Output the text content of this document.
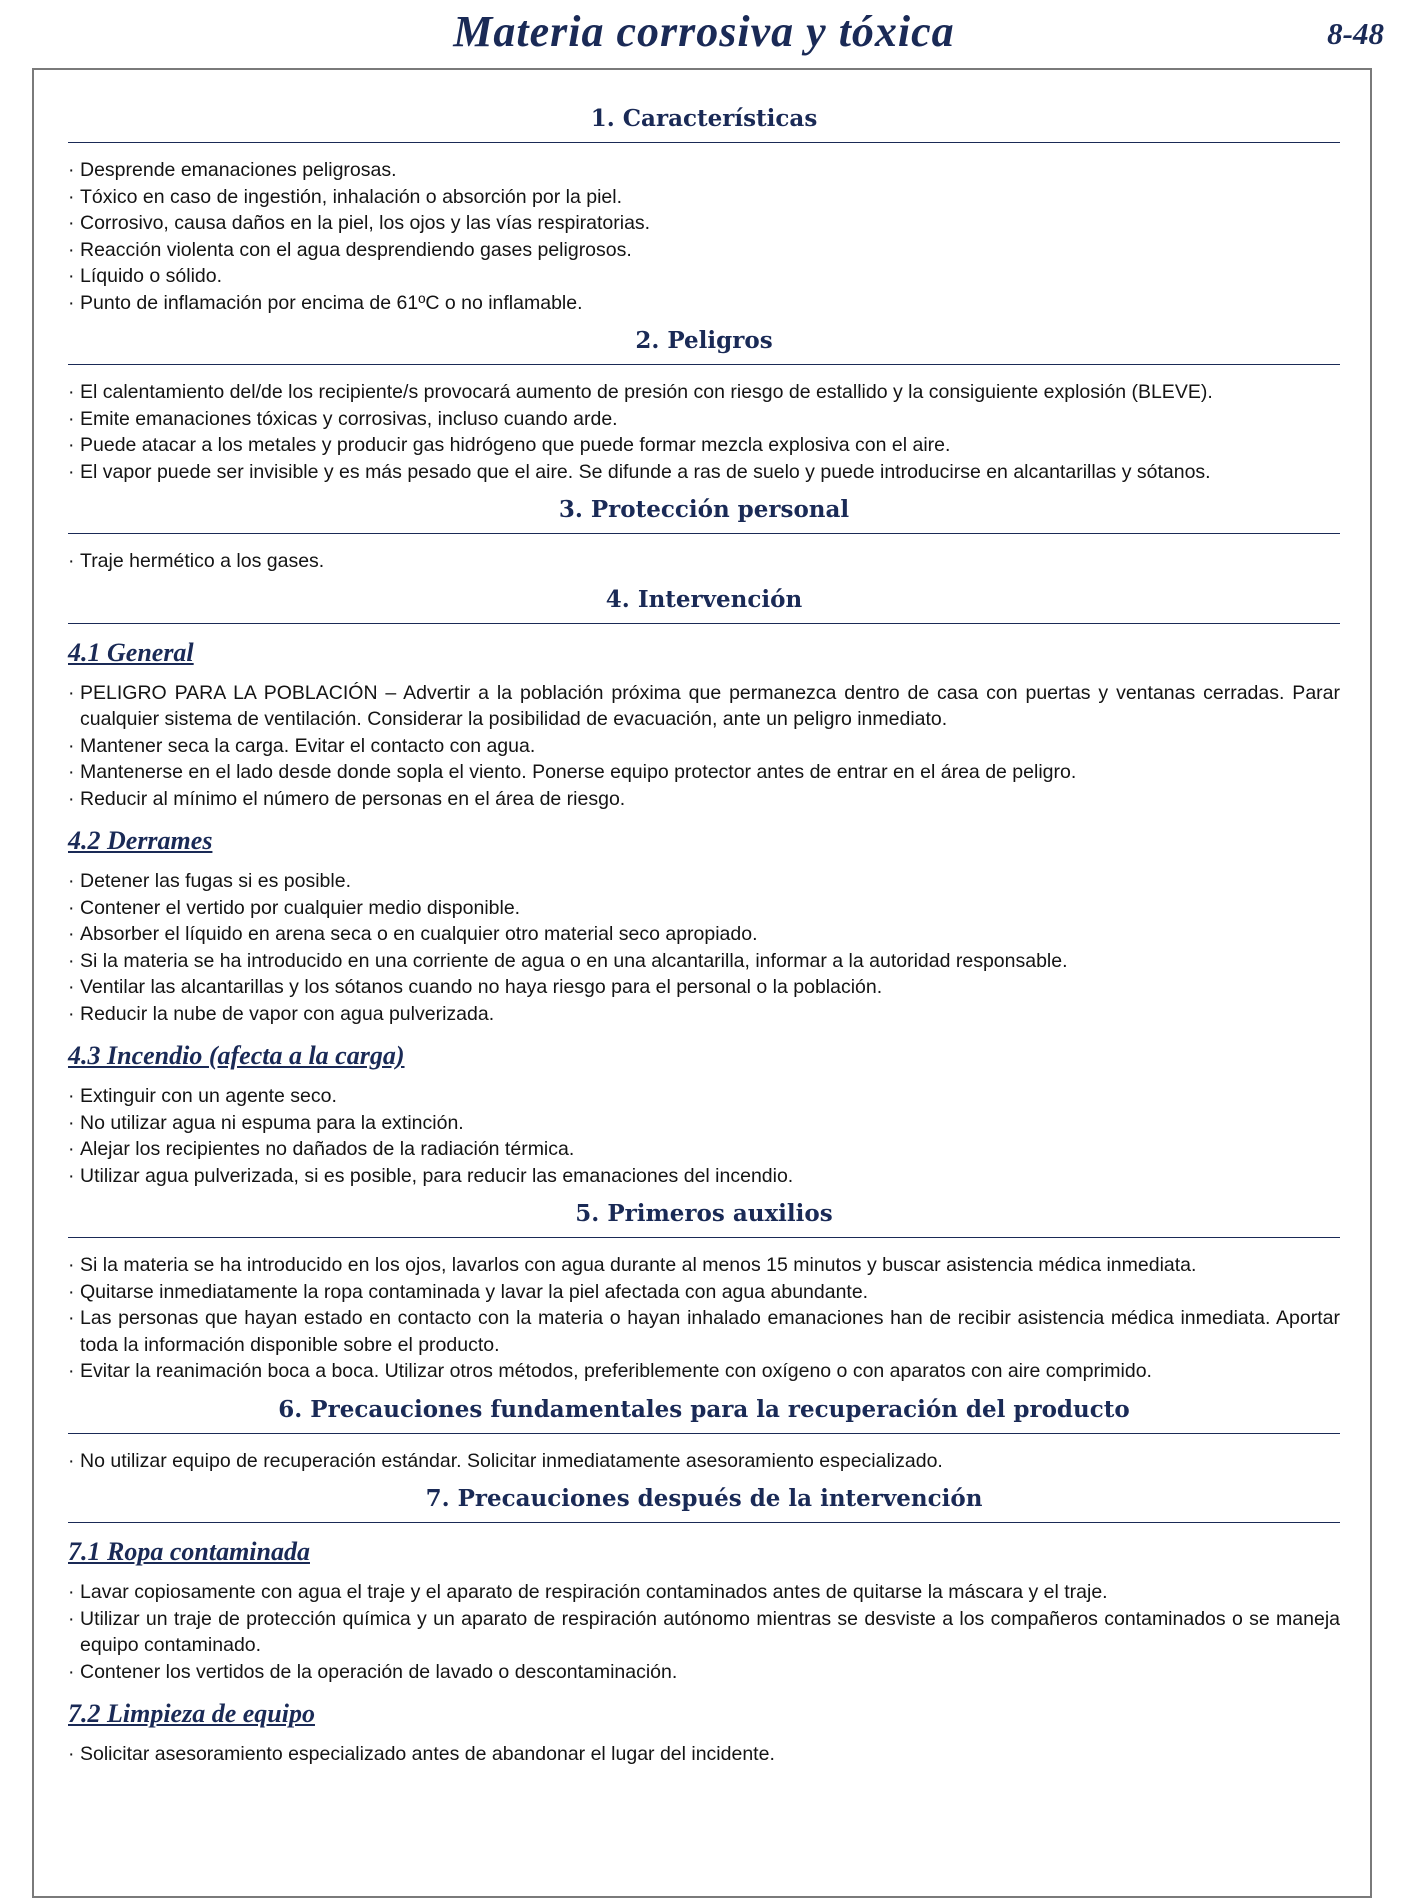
Materia corrosiva y tóxica	8-48
1. Características
· Desprende emanaciones peligrosas.
· Tóxico en caso de ingestión, inhalación o absorción por la piel.
· Corrosivo, causa daños en la piel, los ojos y las vías respiratorias.
· Reacción violenta con el agua desprendiendo gases peligrosos.
· Líquido o sólido.
· Punto de inflamación por encima de 61ºC o no inflamable.
2. Peligros
· El calentamiento del/de los recipiente/s provocará aumento de presión con riesgo de estallido y la consiguiente explosión (BLEVE).
· Emite emanaciones tóxicas y corrosivas, incluso cuando arde.
· Puede atacar a los metales y producir gas hidrógeno que puede formar mezcla explosiva con el aire.
· El vapor puede ser invisible y es más pesado que el aire. Se difunde a ras de suelo y puede introducirse en alcantarillas y sótanos.
3. Protección personal
· Traje hermético a los gases.
4. Intervención
4.1 General
· PELIGRO PARA LA POBLACIÓN – Advertir a la población próxima que permanezca dentro de casa con puertas y ventanas cerradas. Parar cualquier sistema de ventilación. Considerar la posibilidad de evacuación, ante un peligro inmediato.
· Mantener seca la carga. Evitar el contacto con agua.
· Mantenerse en el lado desde donde sopla el viento. Ponerse equipo protector antes de entrar en el área de peligro.
· Reducir al mínimo el número de personas en el área de riesgo.
4.2 Derrames
· Detener las fugas si es posible.
· Contener el vertido por cualquier medio disponible.
· Absorber el líquido en arena seca o en cualquier otro material seco apropiado.
· Si la materia se ha introducido en una corriente de agua o en una alcantarilla, informar a la autoridad responsable.
· Ventilar las alcantarillas y los sótanos cuando no haya riesgo para el personal o la población.
· Reducir la nube de vapor con agua pulverizada.
4.3 Incendio (afecta a la carga)
· Extinguir con un agente seco.
· No utilizar agua ni espuma para la extinción.
· Alejar los recipientes no dañados de la radiación térmica.
· Utilizar agua pulverizada, si es posible, para reducir las emanaciones del incendio.
5. Primeros auxilios
· Si la materia se ha introducido en los ojos, lavarlos con agua durante al menos 15 minutos y buscar asistencia médica inmediata.
· Quitarse inmediatamente la ropa contaminada y lavar la piel afectada con agua abundante.
· Las personas que hayan estado en contacto con la materia o hayan inhalado emanaciones han de recibir asistencia médica inmediata. Aportar toda la información disponible sobre el producto.
· Evitar la reanimación boca a boca. Utilizar otros métodos, preferiblemente con oxígeno o con aparatos con aire comprimido.
6. Precauciones fundamentales para la recuperación del producto
· No utilizar equipo de recuperación estándar. Solicitar inmediatamente asesoramiento especializado.
7. Precauciones después de la intervención
7.1 Ropa contaminada
· Lavar copiosamente con agua el traje y el aparato de respiración contaminados antes de quitarse la máscara y el traje.
· Utilizar un traje de protección química y un aparato de respiración autónomo mientras se desviste a los compañeros contaminados o se maneja equipo contaminado.
· Contener los vertidos de la operación de lavado o descontaminación.
7.2 Limpieza de equipo
· Solicitar asesoramiento especializado antes de abandonar el lugar del incidente.
